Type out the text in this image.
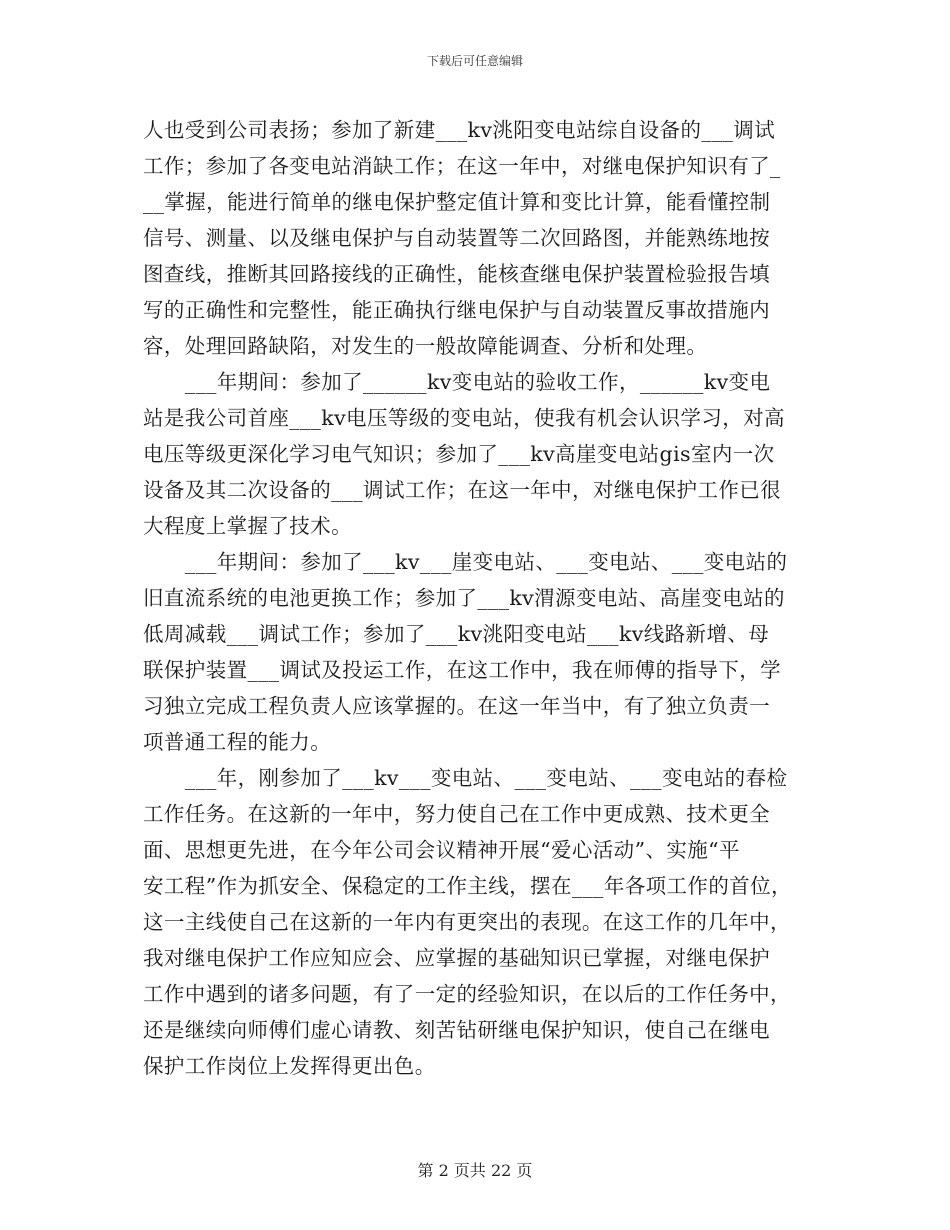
下载后可任意编辑
人也受到公司表扬；参加了新建___kv洮阳变电站综自设备的___调试
工作；参加了各变电站消缺工作；在这一年中，对继电保护知识有了_
__掌握，能进行简单的继电保护整定值计算和变比计算，能看懂控制
信号、测量、以及继电保护与自动装置等二次回路图，并能熟练地按
图查线，推断其回路接线的正确性，能核查继电保护装置检验报告填
写的正确性和完整性，能正确执行继电保护与自动装置反事故措施内
容，处理回路缺陷，对发生的一般故障能调查、分析和处理。
　　___年期间：参加了______kv变电站的验收工作，______kv变电
站是我公司首座___kv电压等级的变电站，使我有机会认识学习，对高
电压等级更深化学习电气知识；参加了___kv高崖变电站gis室内一次
设备及其二次设备的___调试工作；在这一年中，对继电保护工作已很
大程度上掌握了技术。
　　___年期间：参加了___kv___崖变电站、___变电站、___变电站的
旧直流系统的电池更换工作；参加了___kv渭源变电站、高崖变电站的
低周减载___调试工作；参加了___kv洮阳变电站___kv线路新增、母
联保护装置___调试及投运工作，在这工作中，我在师傅的指导下，学
习独立完成工程负责人应该掌握的。在这一年当中，有了独立负责一
项普通工程的能力。
　　___年，刚参加了___kv___变电站、___变电站、___变电站的春检
工作任务。在这新的一年中，努力使自己在工作中更成熟、技术更全
面、思想更先进，在今年公司会议精神开展“爱心活动”、实施“平
安工程”作为抓安全、保稳定的工作主线，摆在___年各项工作的首位，
这一主线使自己在这新的一年内有更突出的表现。在这工作的几年中，
我对继电保护工作应知应会、应掌握的基础知识已掌握，对继电保护
工作中遇到的诸多问题，有了一定的经验知识，在以后的工作任务中，
还是继续向师傅们虚心请教、刻苦钻研继电保护知识，使自己在继电
保护工作岗位上发挥得更出色。
第 2 页共 22 页
